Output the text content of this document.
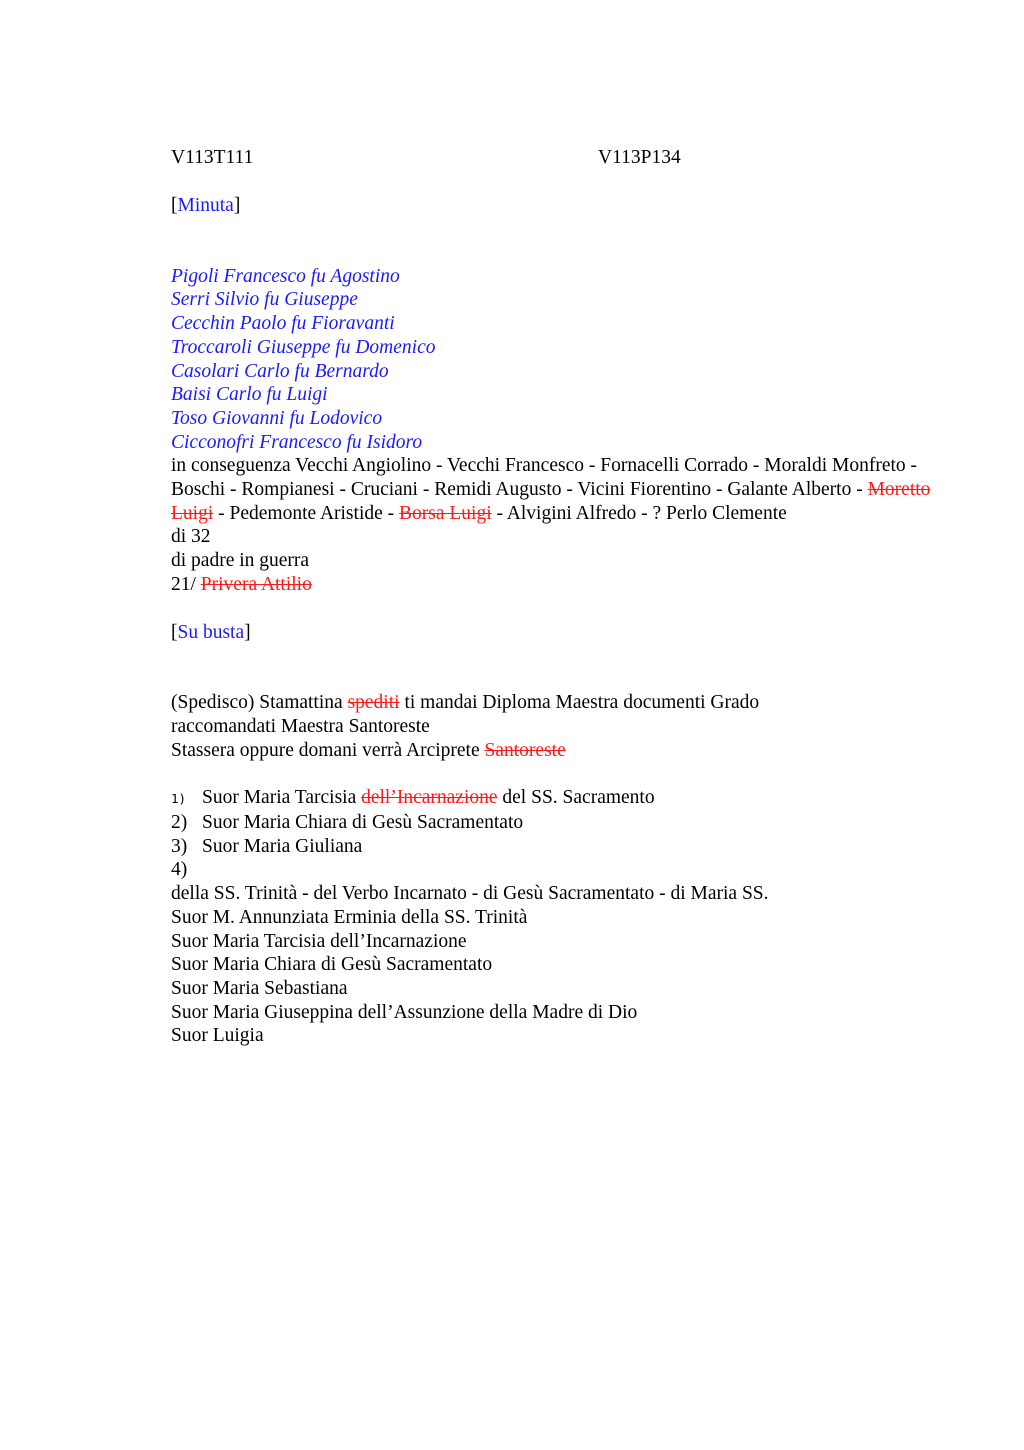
V113T111	V113P134
[Minuta]
Pigoli Francesco fu Agostino
Serri Silvio fu Giuseppe
Cecchin Paolo fu Fioravanti
Troccaroli Giuseppe fu Domenico
Casolari Carlo fu Bernardo
Baisi Carlo fu Luigi
Toso Giovanni fu Lodovico
Cicconofri Francesco fu Isidoro
in conseguenza Vecchi Angiolino - Vecchi Francesco - Fornacelli Corrado - Moraldi Monfreto - Boschi - Rompianesi - Cruciani - Remidi Augusto - Vicini Fiorentino - Galante Alberto - Moretto Luigi - Pedemonte Aristide - Borsa Luigi - Alvigini Alfredo - ? Perlo Clemente
di 32
di padre in guerra
21/ Privera Attilio
[Su busta]
(Spedisco) Stamattina spediti ti mandai Diploma Maestra documenti Grado
raccomandati Maestra Santoreste
Stassera oppure domani verrà Arciprete Santoreste
1) Suor Maria Tarcisia dell’Incarnazione del SS. Sacramento
2) Suor Maria Chiara di Gesù Sacramentato
3) Suor Maria Giuliana
4)
della SS. Trinità - del Verbo Incarnato - di Gesù Sacramentato - di Maria SS.
Suor M. Annunziata Erminia della SS. Trinità
Suor Maria Tarcisia dell’Incarnazione
Suor Maria Chiara di Gesù Sacramentato
Suor Maria Sebastiana
Suor Maria Giuseppina dell’Assunzione della Madre di Dio
Suor Luigia
